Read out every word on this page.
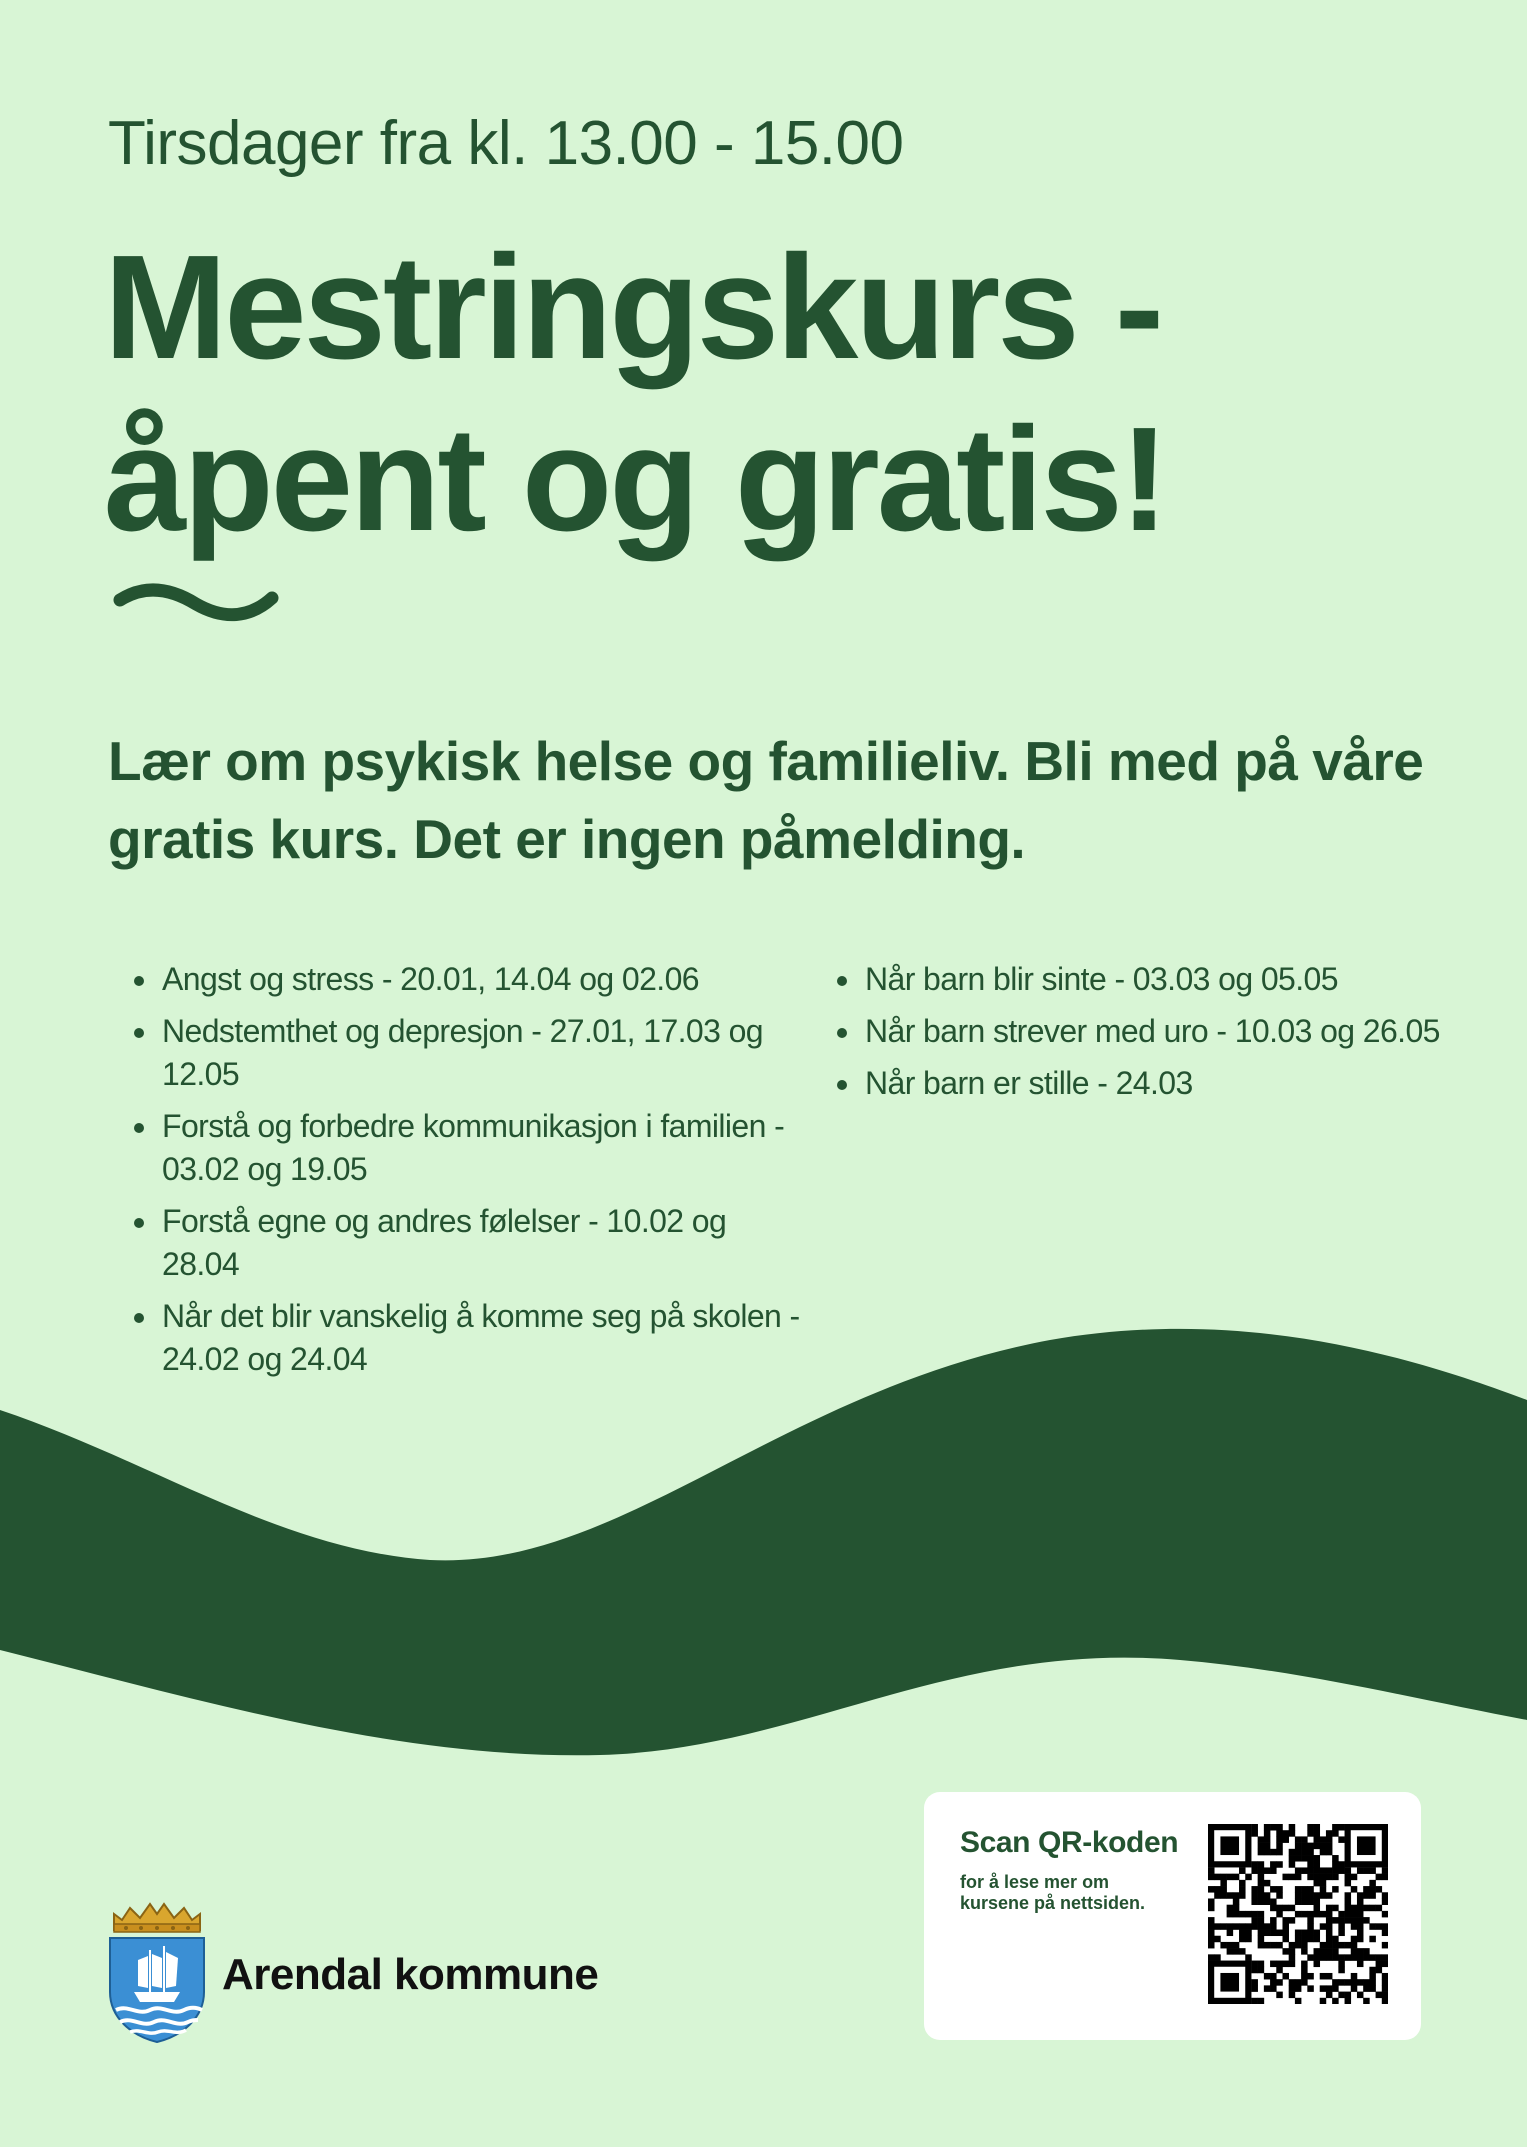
Tirsdager fra kl. 13.00 - 15.00
Mestringskurs -
åpent og gratis!

Lær om psykisk helse og familieliv. Bli med på våre gratis kurs. Det er ingen påmelding.

• Angst og stress - 20.01, 14.04 og 02.06
• Nedstemthet og depresjon - 27.01, 17.03 og 12.05
• Forstå og forbedre kommunikasjon i familien - 03.02 og 19.05
• Forstå egne og andres følelser - 10.02 og 28.04
• Når det blir vanskelig å komme seg på skolen - 24.02 og 24.04
• Når barn blir sinte - 03.03 og 05.05
• Når barn strever med uro - 10.03 og 26.05
• Når barn er stille - 24.03
Arendal kommune
Scan QR-koden
for å lese mer om kursene på nettsiden.
